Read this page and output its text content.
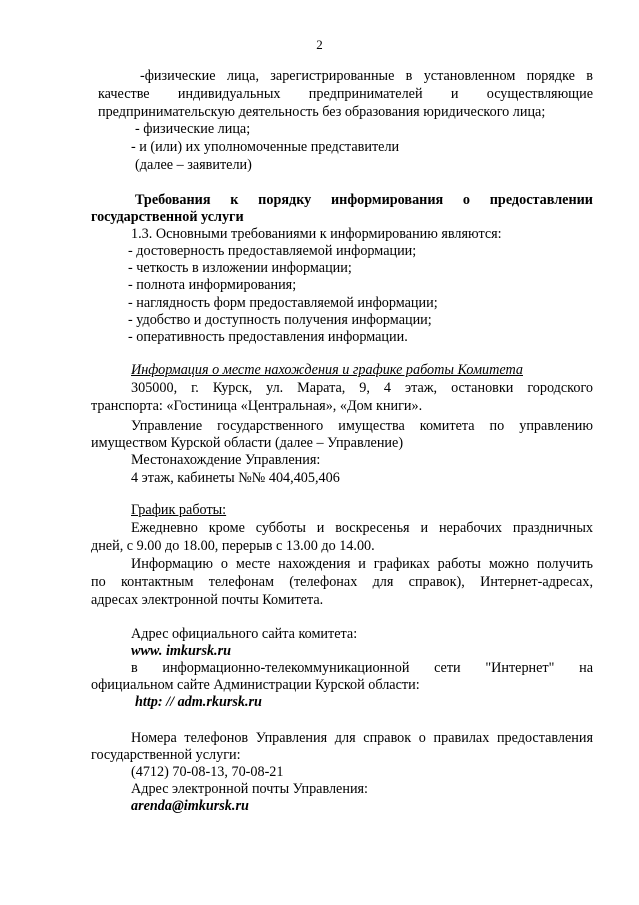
2
-физические лица, зарегистрированные в установленном порядке в
качестве индивидуальных предпринимателей и осуществляющие
предпринимательскую деятельность без образования юридического лица;
- физические лица;
- и (или) их уполномоченные представители
(далее – заявители)
Требования к порядку информирования о предоставлении
государственной услуги
1.3. Основными требованиями к информированию являются:
- достоверность предоставляемой информации;
- четкость в изложении информации;
- полнота информирования;
- наглядность форм предоставляемой информации;
- удобство и доступность получения информации;
- оперативность предоставления информации.
Информация о месте нахождения и графике работы Комитета
305000, г. Курск, ул. Марата, 9, 4 этаж, остановки городского
транспорта: «Гостиница «Центральная», «Дом книги».
Управление государственного имущества комитета по управлению
имуществом Курской области (далее – Управление)
Местонахождение Управления:
4 этаж, кабинеты №№ 404,405,406
График работы:
Ежедневно кроме субботы и воскресенья и нерабочих праздничных
дней, с 9.00 до 18.00, перерыв с 13.00 до 14.00.
Информацию о месте нахождения и графиках работы можно получить
по контактным телефонам (телефонах для справок), Интернет-адресах,
адресах электронной почты Комитета.
Адрес официального сайта комитета:
www. imkursk.ru
в информационно-телекоммуникационной сети "Интернет" на
официальном сайте Администрации Курской области:
http: // adm.rkursk.ru
Номера телефонов Управления для справок о правилах предоставления
государственной услуги:
(4712) 70-08-13, 70-08-21
Адрес электронной почты Управления:
arenda@imkursk.ru
